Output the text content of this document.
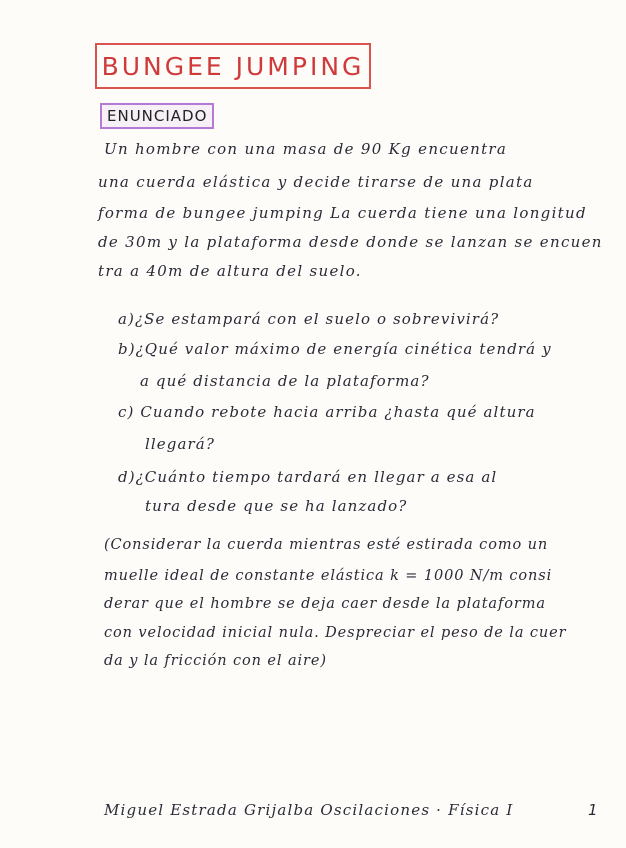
BUNGEE JUMPING
ENUNCIADO
Un hombre con una masa de 90 Kg encuentra
una cuerda elástica y decide tirarse de una plata
forma de bungee jumping La cuerda tiene una longitud
de 30m y la plataforma desde donde se lanzan se encuen
tra a 40m de altura del suelo.
a)¿Se estampará con el suelo o sobrevivirá?
b)¿Qué valor máximo de energía cinética tendrá y
a qué distancia de la plataforma?
c) Cuando rebote hacia arriba ¿hasta qué altura
llegará?
d)¿Cuánto tiempo tardará en llegar a esa al
tura desde que se ha lanzado?
(Considerar la cuerda mientras esté estirada como un
muelle ideal de constante elástica k = 1000 N/m consi
derar que el hombre se deja caer desde la plataforma
con velocidad inicial nula. Despreciar el peso de la cuer
da y la fricción con el aire)
Miguel Estrada Grijalba Oscilaciones · Física I	1
